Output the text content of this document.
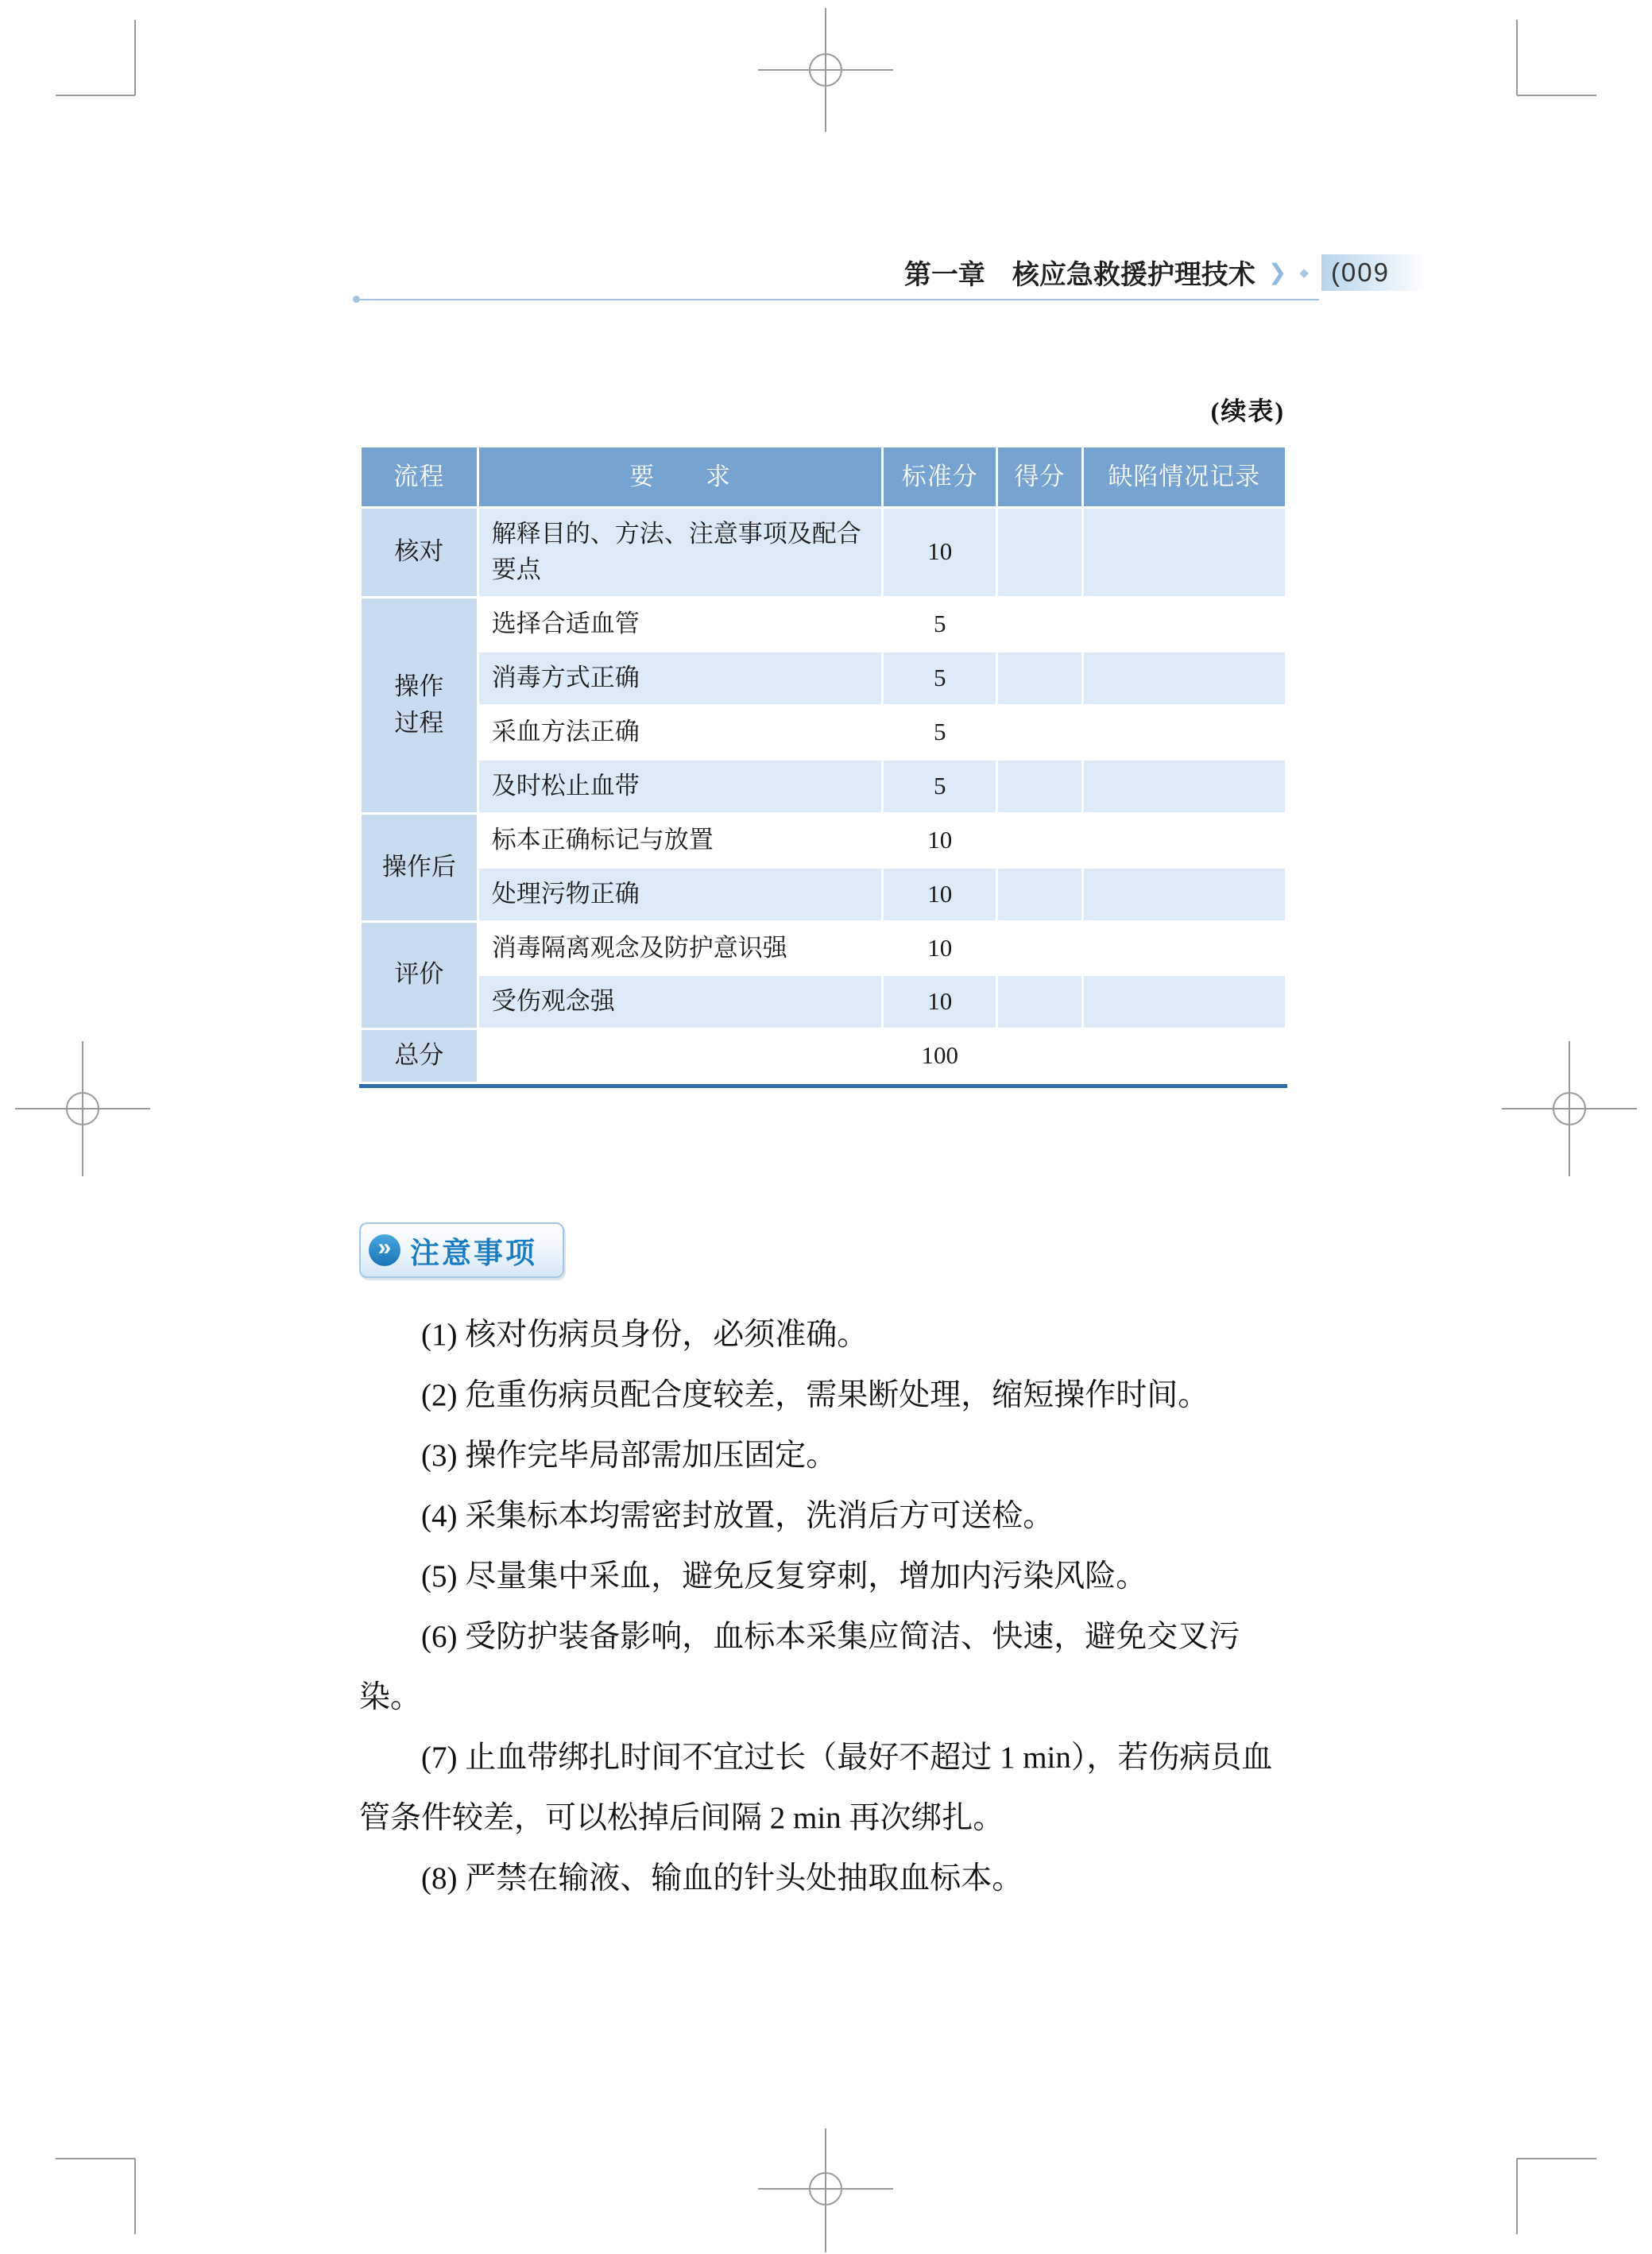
第一章 核应急救援护理技术 ❯ ◆ (009
(续表)
流程	要　　求	标准分	得分	缺陷情况记录
核对	解释目的、方法、注意事项及配合要点	10		
操作过程	选择合适血管	5		
	消毒方式正确	5		
	采血方法正确	5		
	及时松止血带	5		
操作后	标本正确标记与放置	10		
	处理污物正确	10		
评价	消毒隔离观念及防护意识强	10		
	受伤观念强	10		
总分		100		
» 注意事项

(1) 核对伤病员身份，必须准确。

(2) 危重伤病员配合度较差，需果断处理，缩短操作时间。

(3) 操作完毕局部需加压固定。

(4) 采集标本均需密封放置，洗消后方可送检。

(5) 尽量集中采血，避免反复穿刺，增加内污染风险。

(6) 受防护装备影响，血标本采集应简洁、快速，避免交叉污染。

(7) 止血带绑扎时间不宜过长（最好不超过 1 min），若伤病员血管条件较差，可以松掉后间隔 2 min 再次绑扎。

(8) 严禁在输液、输血的针头处抽取血标本。
